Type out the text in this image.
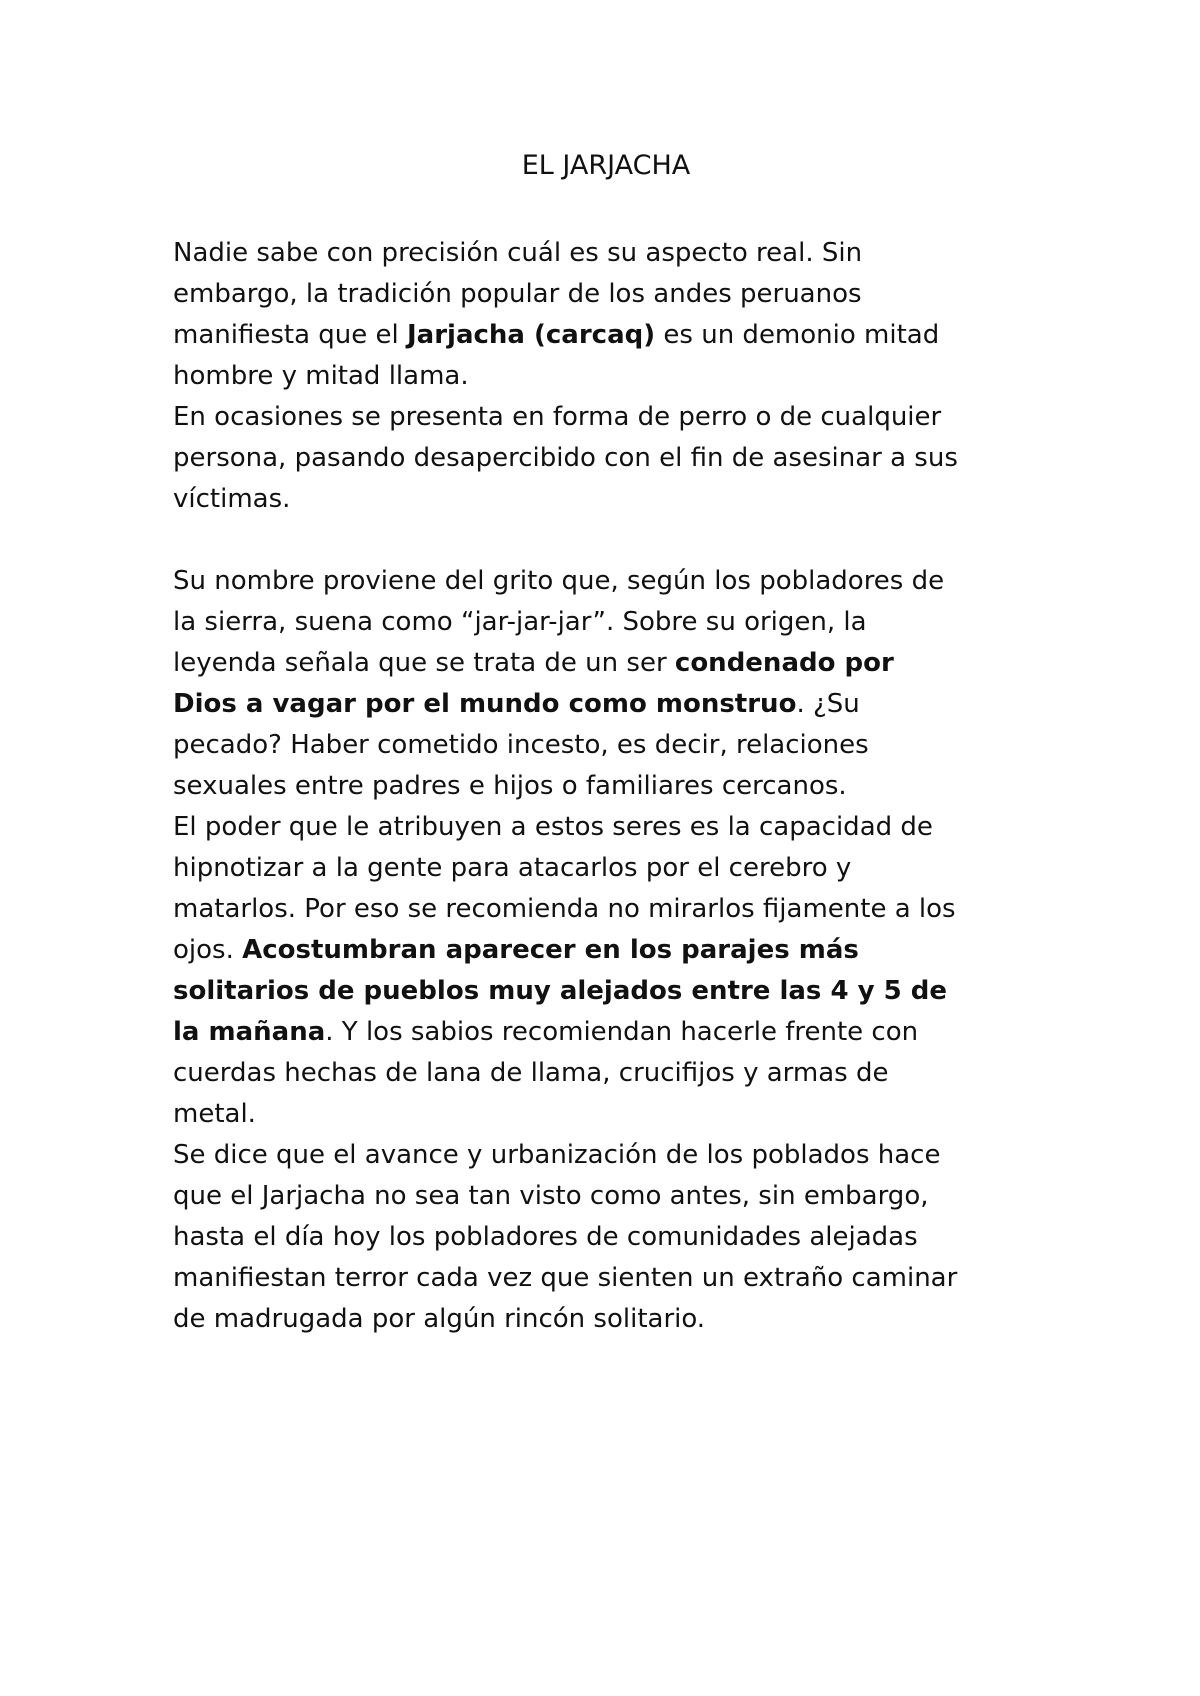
EL JARJACHA
Nadie sabe con precisión cuál es su aspecto real. Sin
embargo, la tradición popular de los andes peruanos
manifiesta que el Jarjacha (carcaq) es un demonio mitad
hombre y mitad llama.
En ocasiones se presenta en forma de perro o de cualquier
persona, pasando desapercibido con el fin de asesinar a sus
víctimas.
Su nombre proviene del grito que, según los pobladores de
la sierra, suena como “jar-jar-jar”. Sobre su origen, la
leyenda señala que se trata de un ser condenado por
Dios a vagar por el mundo como monstruo. ¿Su
pecado? Haber cometido incesto, es decir, relaciones
sexuales entre padres e hijos o familiares cercanos.
El poder que le atribuyen a estos seres es la capacidad de
hipnotizar a la gente para atacarlos por el cerebro y
matarlos. Por eso se recomienda no mirarlos fijamente a los
ojos. Acostumbran aparecer en los parajes más
solitarios de pueblos muy alejados entre las 4 y 5 de
la mañana. Y los sabios recomiendan hacerle frente con
cuerdas hechas de lana de llama, crucifijos y armas de
metal.
Se dice que el avance y urbanización de los poblados hace
que el Jarjacha no sea tan visto como antes, sin embargo,
hasta el día hoy los pobladores de comunidades alejadas
manifiestan terror cada vez que sienten un extraño caminar
de madrugada por algún rincón solitario.
